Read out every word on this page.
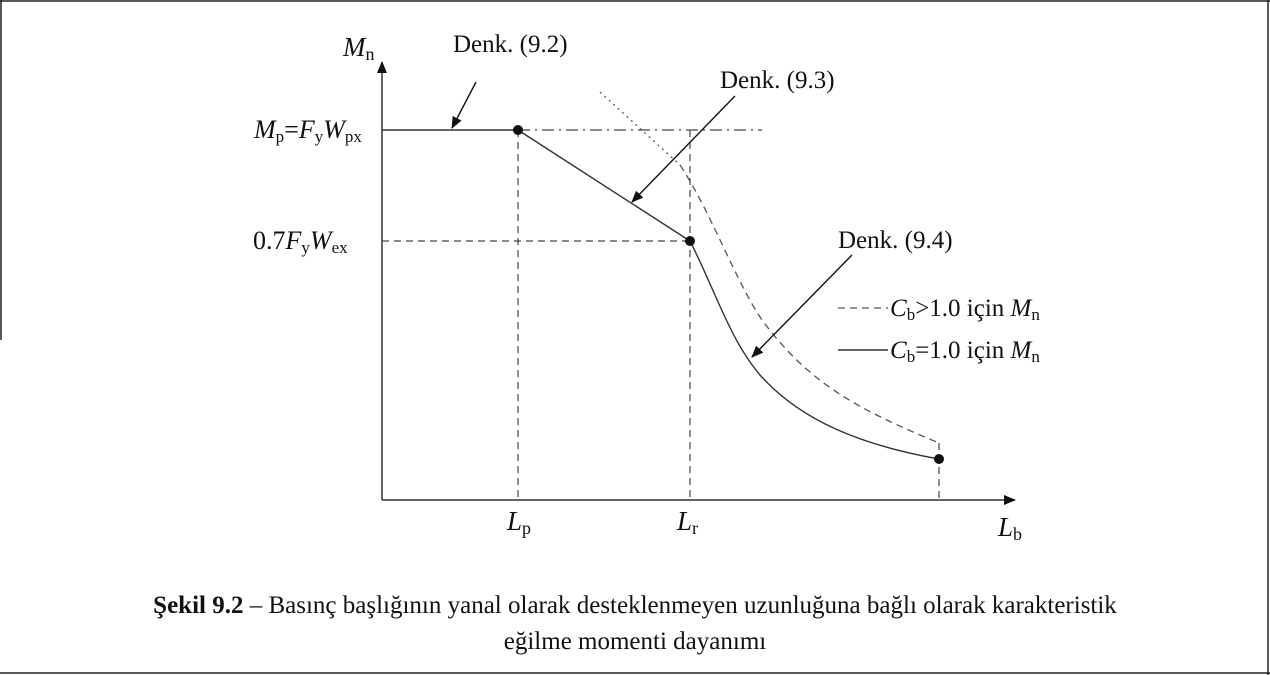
Mn
Lb
Mp=FyWpx
0.7FyWex
Lp	Lr
Denk. (9.2)
Denk. (9.3)
Denk. (9.4)
Cb>1.0 için Mn
Cb=1.0 için Mn
Şekil 9.2 – Basınç başlığının yanal olarak desteklenmeyen uzunluğuna bağlı olarak karakteristik
eğilme momenti dayanımı
